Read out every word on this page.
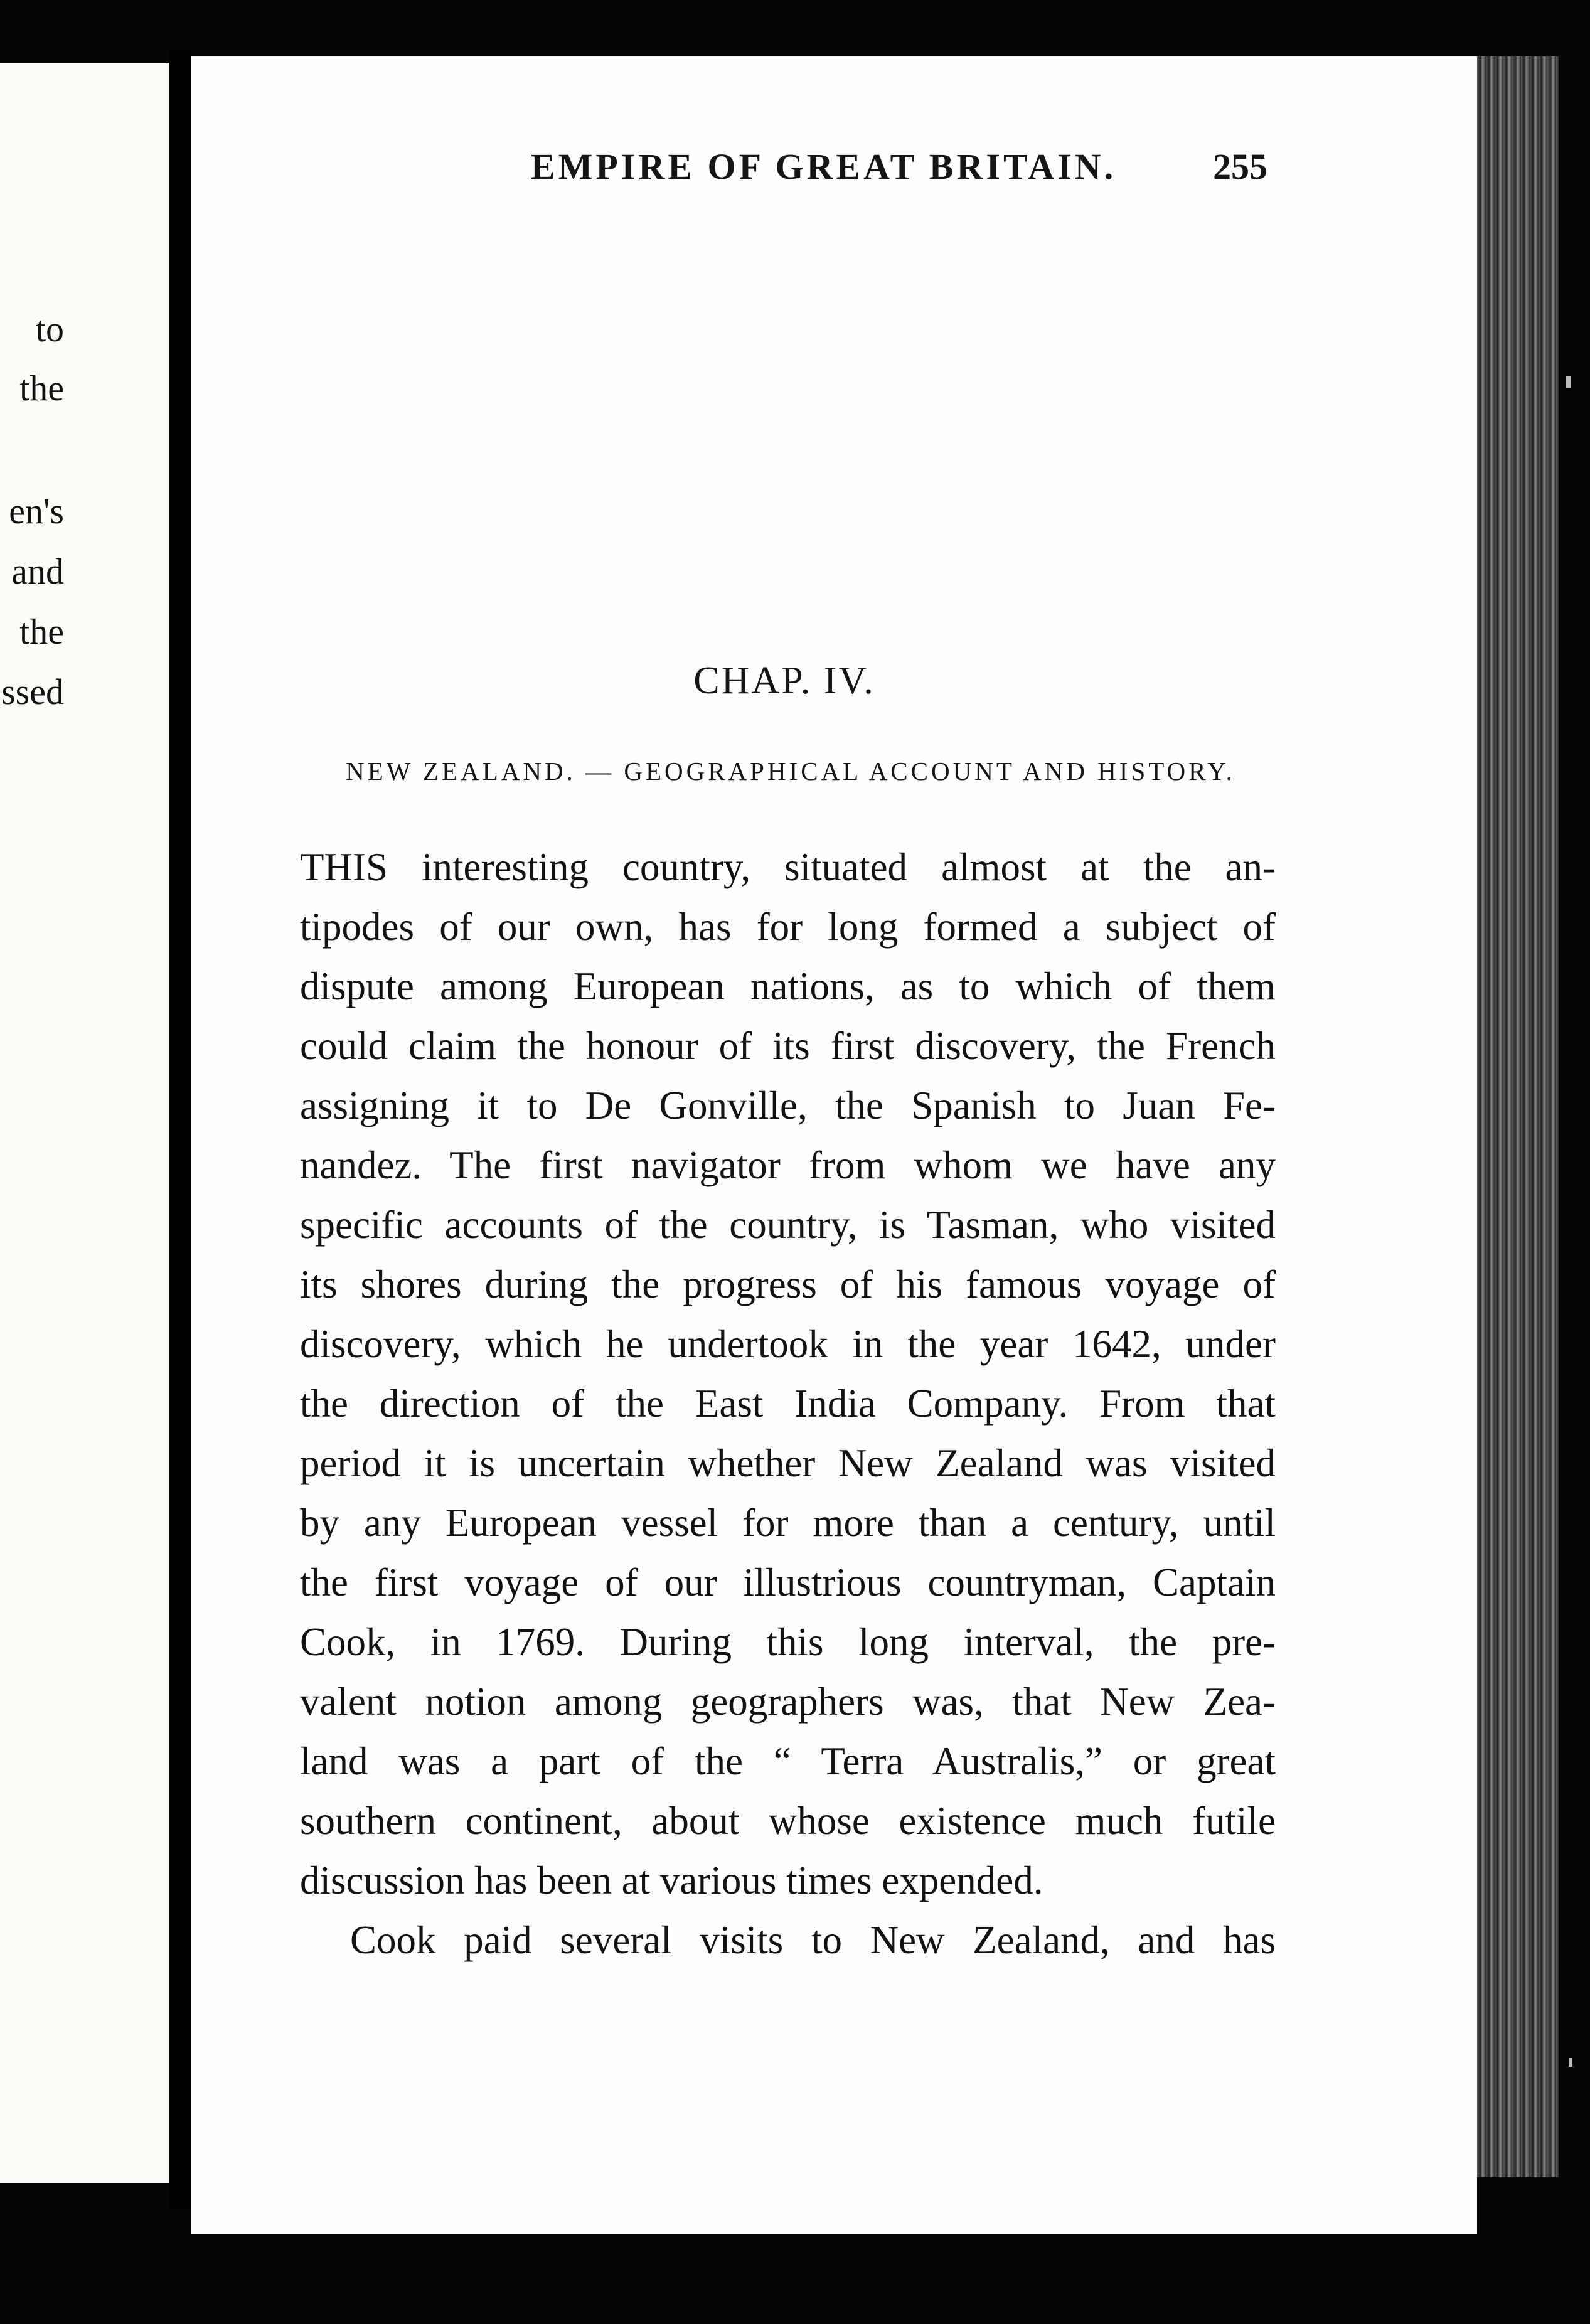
to
the
en's
and
the
ssed
EMPIRE OF GREAT BRITAIN.	255
CHAP. IV.
NEW ZEALAND. — GEOGRAPHICAL ACCOUNT AND HISTORY.
THIS interesting country, situated almost at the an-
tipodes of our own, has for long formed a subject of
dispute among European nations, as to which of them
could claim the honour of its first discovery, the French
assigning it to De Gonville, the Spanish to Juan Fe-
nandez. The first navigator from whom we have any
specific accounts of the country, is Tasman, who visited
its shores during the progress of his famous voyage of
discovery, which he undertook in the year 1642, under
the direction of the East India Company. From that
period it is uncertain whether New Zealand was visited
by any European vessel for more than a century, until
the first voyage of our illustrious countryman, Captain
Cook, in 1769. During this long interval, the pre-
valent notion among geographers was, that New Zea-
land was a part of the “ Terra Australis,” or great
southern continent, about whose existence much futile
discussion has been at various times expended.
Cook paid several visits to New Zealand, and has
